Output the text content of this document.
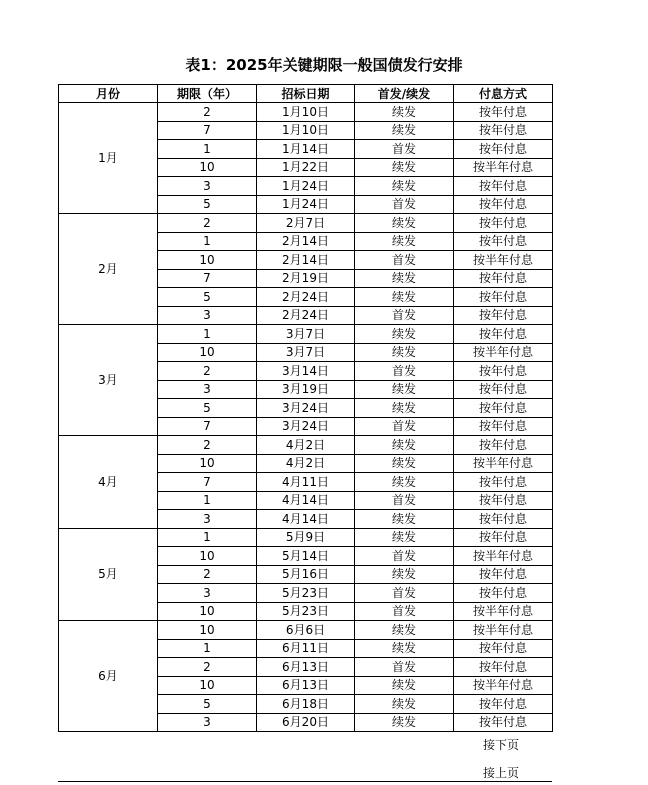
表1：2025年关键期限一般国债发行安排
月份	期限（年）	招标日期	首发/续发	付息方式
1月	2	1月10日	续发	按年付息
	7	1月10日	续发	按年付息
	1	1月14日	首发	按年付息
	10	1月22日	续发	按半年付息
	3	1月24日	续发	按年付息
	5	1月24日	首发	按年付息
2月	2	2月7日	续发	按年付息
	1	2月14日	续发	按年付息
	10	2月14日	首发	按半年付息
	7	2月19日	续发	按年付息
	5	2月24日	续发	按年付息
	3	2月24日	首发	按年付息
3月	1	3月7日	续发	按年付息
	10	3月7日	续发	按半年付息
	2	3月14日	首发	按年付息
	3	3月19日	续发	按年付息
	5	3月24日	续发	按年付息
	7	3月24日	首发	按年付息
4月	2	4月2日	续发	按年付息
	10	4月2日	续发	按半年付息
	7	4月11日	续发	按年付息
	1	4月14日	首发	按年付息
	3	4月14日	续发	按年付息
5月	1	5月9日	续发	按年付息
	10	5月14日	首发	按半年付息
	2	5月16日	续发	按年付息
	3	5月23日	首发	按年付息
	10	5月23日	首发	按半年付息
6月	10	6月6日	续发	按半年付息
	1	6月11日	续发	按年付息
	2	6月13日	首发	按年付息
	10	6月13日	续发	按半年付息
	5	6月18日	续发	按年付息
	3	6月20日	续发	按年付息
接下页
接上页
